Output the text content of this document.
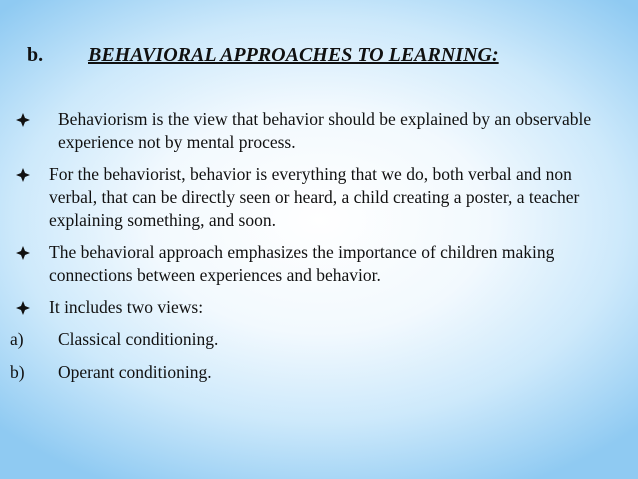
b. BEHAVIORAL APPROACHES TO LEARNING:
Behaviorism is the view that behavior should be explained by an observable experience not by mental process.
For the behaviorist, behavior is everything that we do, both verbal and non verbal, that can be directly seen or heard, a child creating a poster, a teacher explaining something, and soon.
The behavioral approach emphasizes the importance of children making connections between experiences and behavior.
It includes two views:
a) Classical conditioning.
b) Operant conditioning.
